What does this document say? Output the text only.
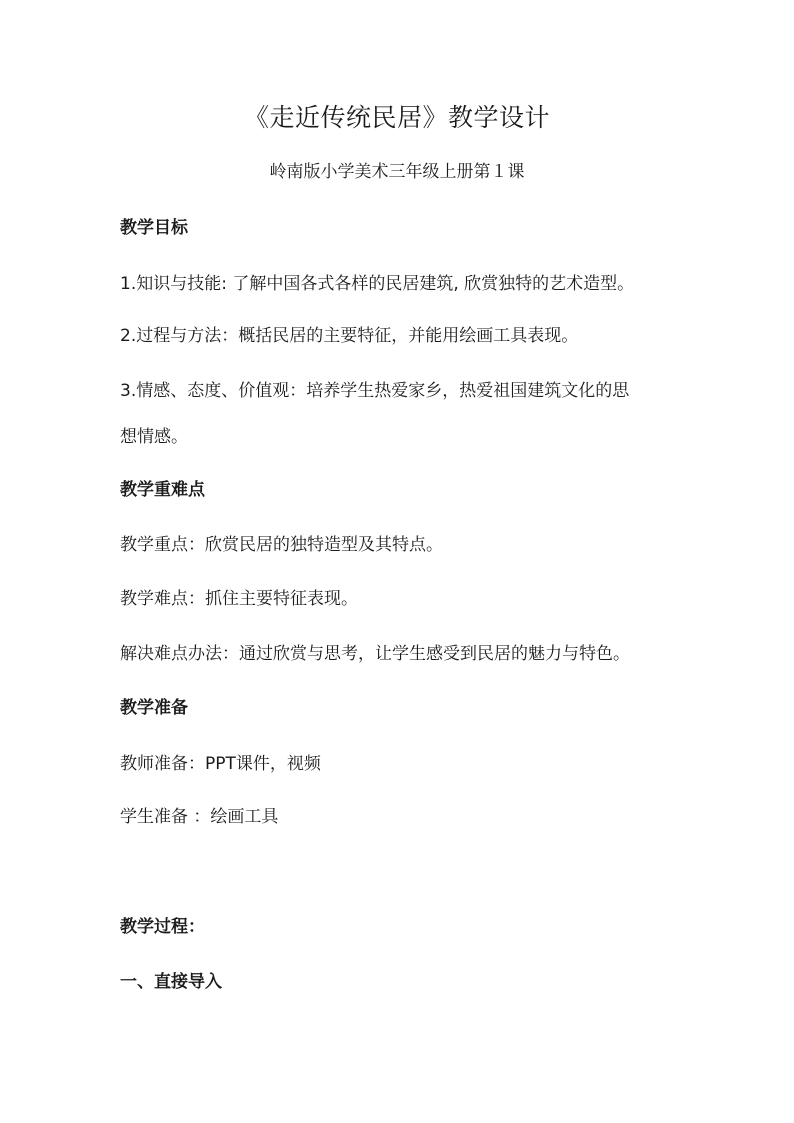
《走近传统民居》教学设计

岭南版小学美术三年级上册第１课

教学目标

1.知识与技能: 了解中国各式各样的民居建筑, 欣赏独特的艺术造型。

2.过程与方法：概括民居的主要特征，并能用绘画工具表现。

3.情感、态度、价值观：培养学生热爱家乡，热爱祖国建筑文化的思

想情感。

教学重难点

教学重点：欣赏民居的独特造型及其特点。

教学难点：抓住主要特征表现。

解决难点办法：通过欣赏与思考，让学生感受到民居的魅力与特色。

教学准备

教师准备：PPT课件，视频

学生准备 ：绘画工具

教学过程：

一、直接导入
